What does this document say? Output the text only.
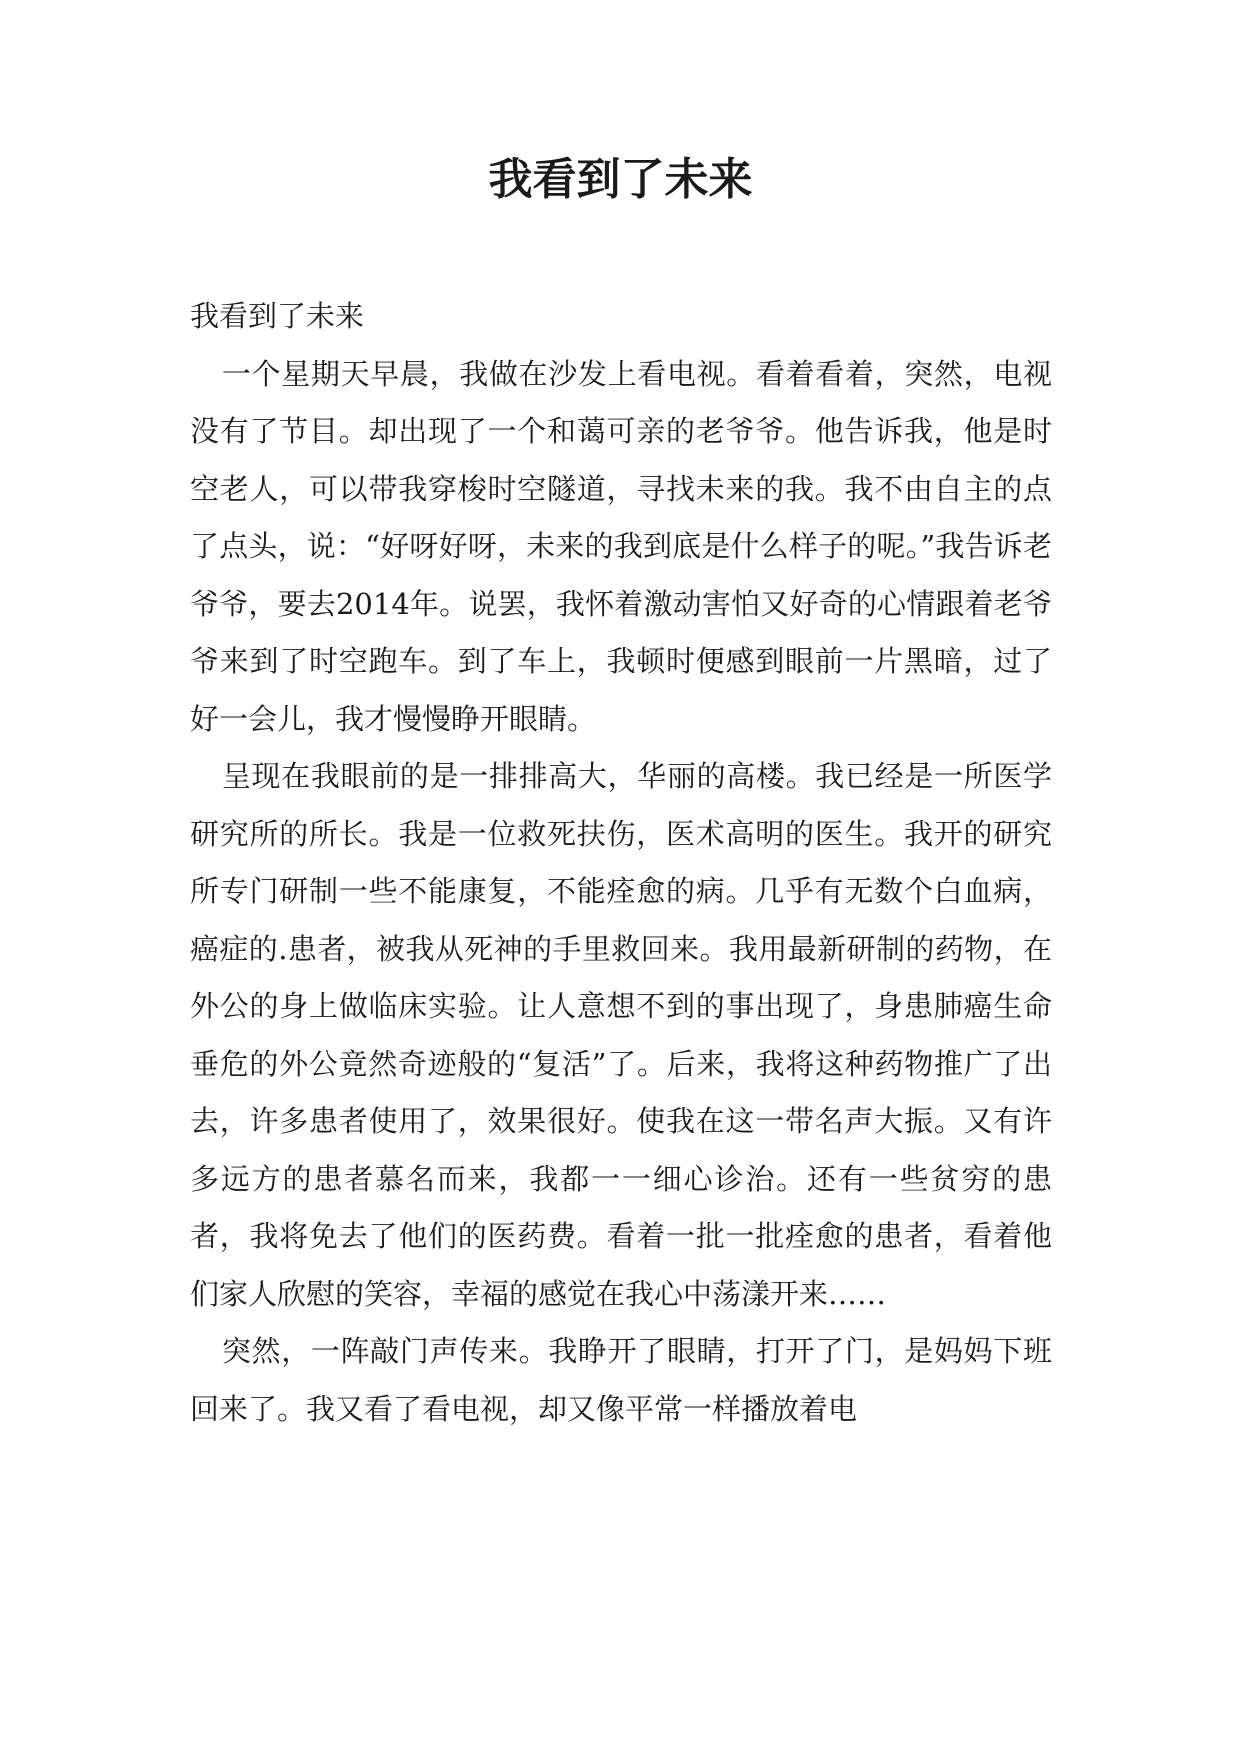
我看到了未来

我看到了未来

一个星期天早晨，我做在沙发上看电视。看着看着，突然，电视没有了节目。却出现了一个和蔼可亲的老爷爷。他告诉我，他是时空老人，可以带我穿梭时空隧道，寻找未来的我。我不由自主的点了点头，说：“好呀好呀，未来的我到底是什么样子的呢。”我告诉老爷爷，要去2014年。说罢，我怀着激动害怕又好奇的心情跟着老爷爷来到了时空跑车。到了车上，我顿时便感到眼前一片黑暗，过了好一会儿，我才慢慢睁开眼睛。

呈现在我眼前的是一排排高大，华丽的高楼。我已经是一所医学研究所的所长。我是一位救死扶伤，医术高明的医生。我开的研究所专门研制一些不能康复，不能痊愈的病。几乎有无数个白血病，癌症的.患者，被我从死神的手里救回来。我用最新研制的药物，在外公的身上做临床实验。让人意想不到的事出现了，身患肺癌生命垂危的外公竟然奇迹般的“复活”了。后来，我将这种药物推广了出去，许多患者使用了，效果很好。使我在这一带名声大振。又有许多远方的患者慕名而来，我都一一细心诊治。还有一些贫穷的患者，我将免去了他们的医药费。看着一批一批痊愈的患者，看着他们家人欣慰的笑容，幸福的感觉在我心中荡漾开来……

突然，一阵敲门声传来。我睁开了眼睛，打开了门，是妈妈下班回来了。我又看了看电视，却又像平常一样播放着电
